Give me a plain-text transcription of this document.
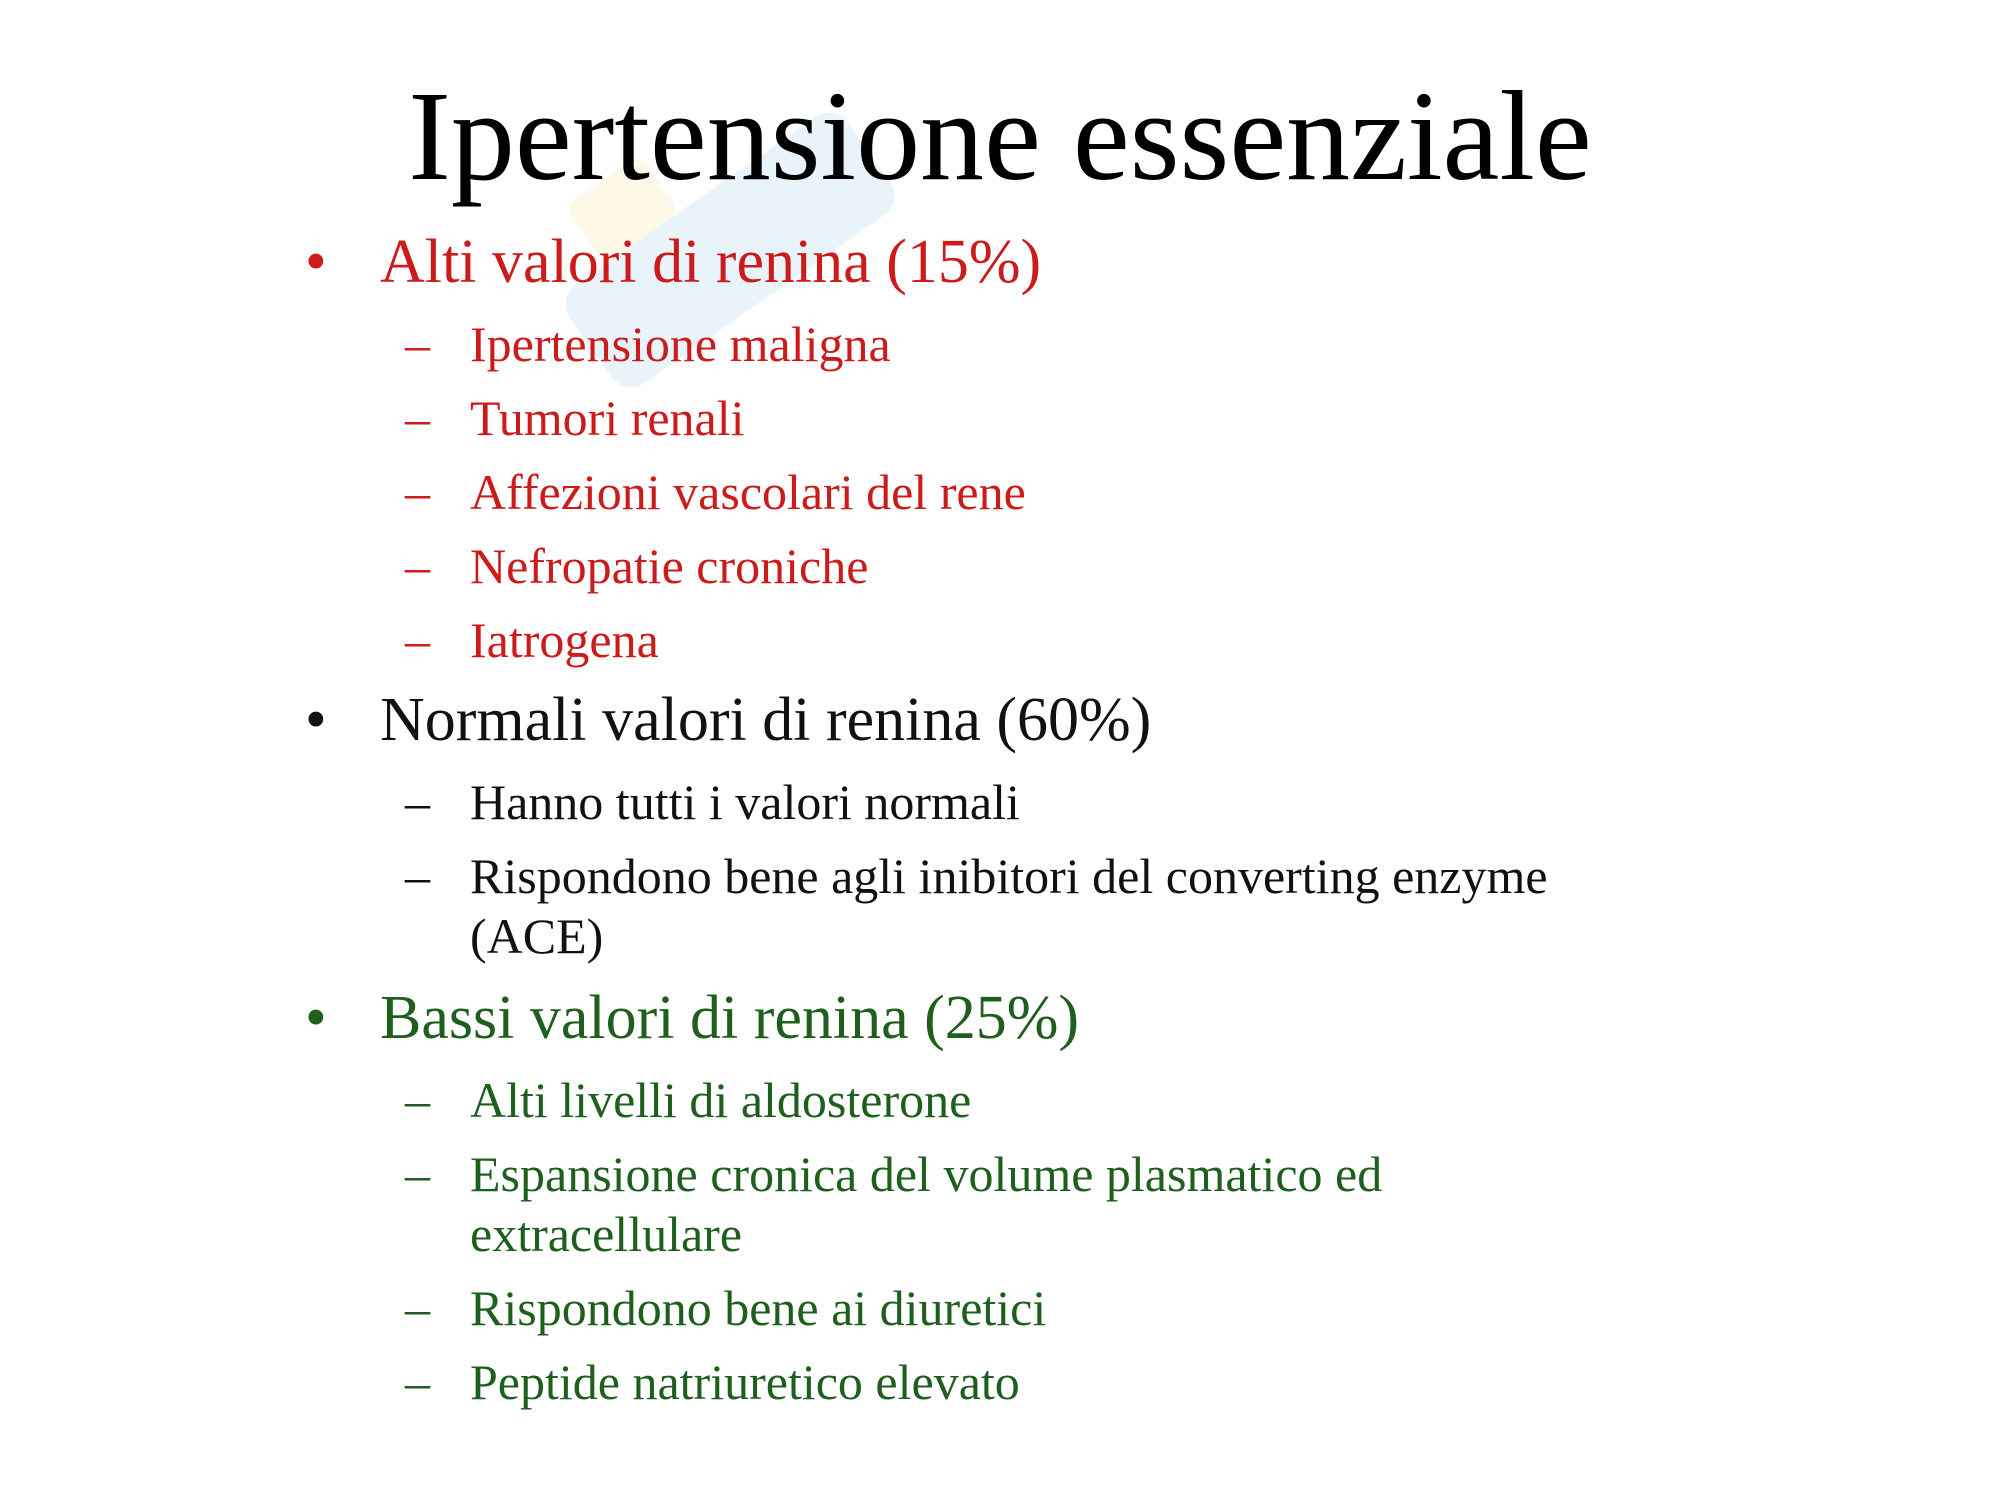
Ipertensione essenziale
• Alti valori di renina (15%)
– Ipertensione maligna
– Tumori renali
– Affezioni vascolari del rene
– Nefropatie croniche
– Iatrogena
• Normali valori di renina (60%)
– Hanno tutti i valori normali
– Rispondono bene agli inibitori del converting enzyme
(ACE)
• Bassi valori di renina (25%)
– Alti livelli di aldosterone
– Espansione cronica del volume plasmatico ed
extracellulare
– Rispondono bene ai diuretici
– Peptide natriuretico elevato
